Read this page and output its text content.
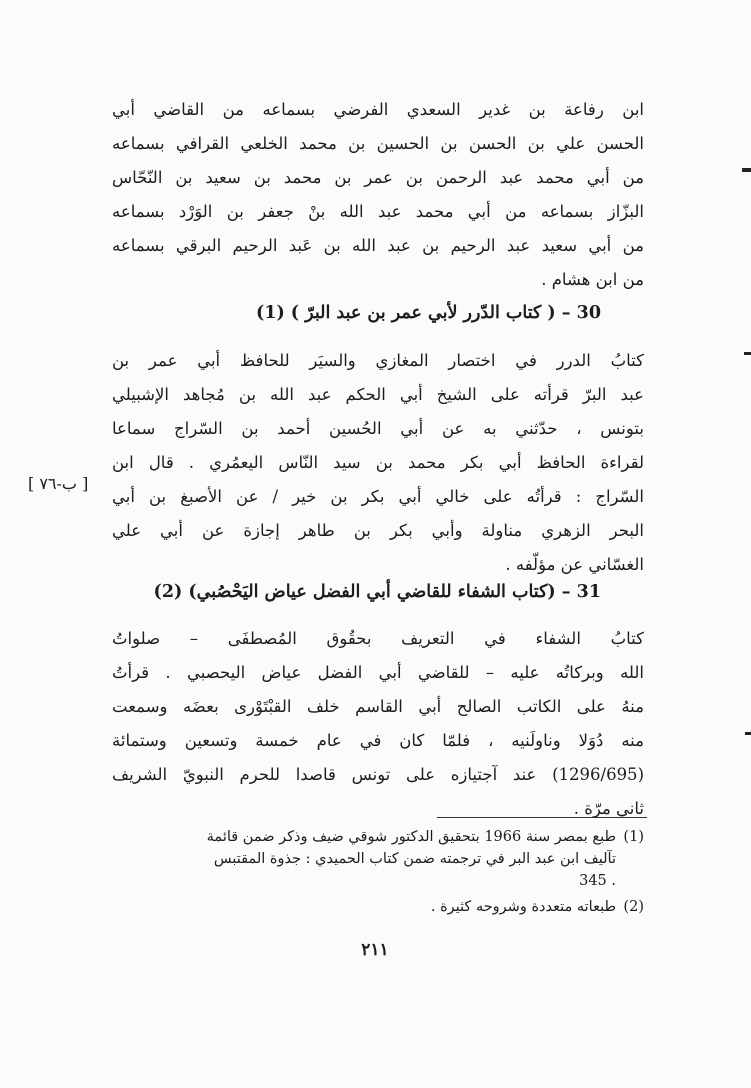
ابن رفاعة بن غدير السعدي الفرضي بسماعه من القاضي أبي
الحسن علي بن الحسن بن الحسين بن محمد الخلعي القرافي بسماعه
من أبي محمد عبد الرحمن بن عمر بن محمد بن سعيد بن النّحّاس
البزّاز بسماعه من أبي محمد عبد الله بنْ جعفر بن الوَرْد بسماعه
من أبي سعيد عبد الرحيم بن عبد الله بن عَبد الرحيم البرقي بسماعه
من ابن هشام .
30 – ( كتاب الدّرر لأبي عمر بن عبد البرّ ) (1)
كتابُ الدرر في اختصار المغازي والسيَر للحافظ أبي عمر بن
عبد البرّ قرأته على الشيخ أبي الحكم عبد الله بن مُجاهد الإشبيلي
بتونس ، حدّثني به عن أبي الحُسين أحمد بن السّراج سماعا
لقراءة الحافظ أبي بكر محمد بن سيد النّاس اليعمُري . قال ابن
السّراج : قرأتُه على خالي أبي بكر بن خير / عن الأصبغ بن أبي
البحر الزهري مناولة وأبي بكر بن طاهر إجازة عن أبي علي
الغسّاني عن مؤلّفه .
[ ب-٧٦ ]
31 – (كتاب الشفاء للقاضي أبي الفضل عياض اليَحْصُبي) (2)
كتابُ الشفاء في التعريف بحقُوق المُصطفَى – صلواتُ
الله وبركاتُه عليه – للقاضي أبي الفضل عياض اليحصبي . قرأتُ
منهُ على الكاتب الصالح أبي القاسم خلف القبْتَوْرى بعضَه وسمعت
منه دُوَلا وناولَنيه ، فلمّا كان في عام خمسة وتسعين وستمائة
(1296/695) عند آجتيازه على تونس قاصدا للحرم النبويّ الشريف
ثاني مرّة .
(1)طبع بمصر سنة 1966 بتحقيق الدكتور شوقي ضيف وذكر ضمن قائمة
تآليف ابن عبد البر في ترجمته ضمن كتاب الحميدي : جذوة المقتبس
. 345
(2)طبعاته متعددة وشروحه كثيرة .
٢١١
